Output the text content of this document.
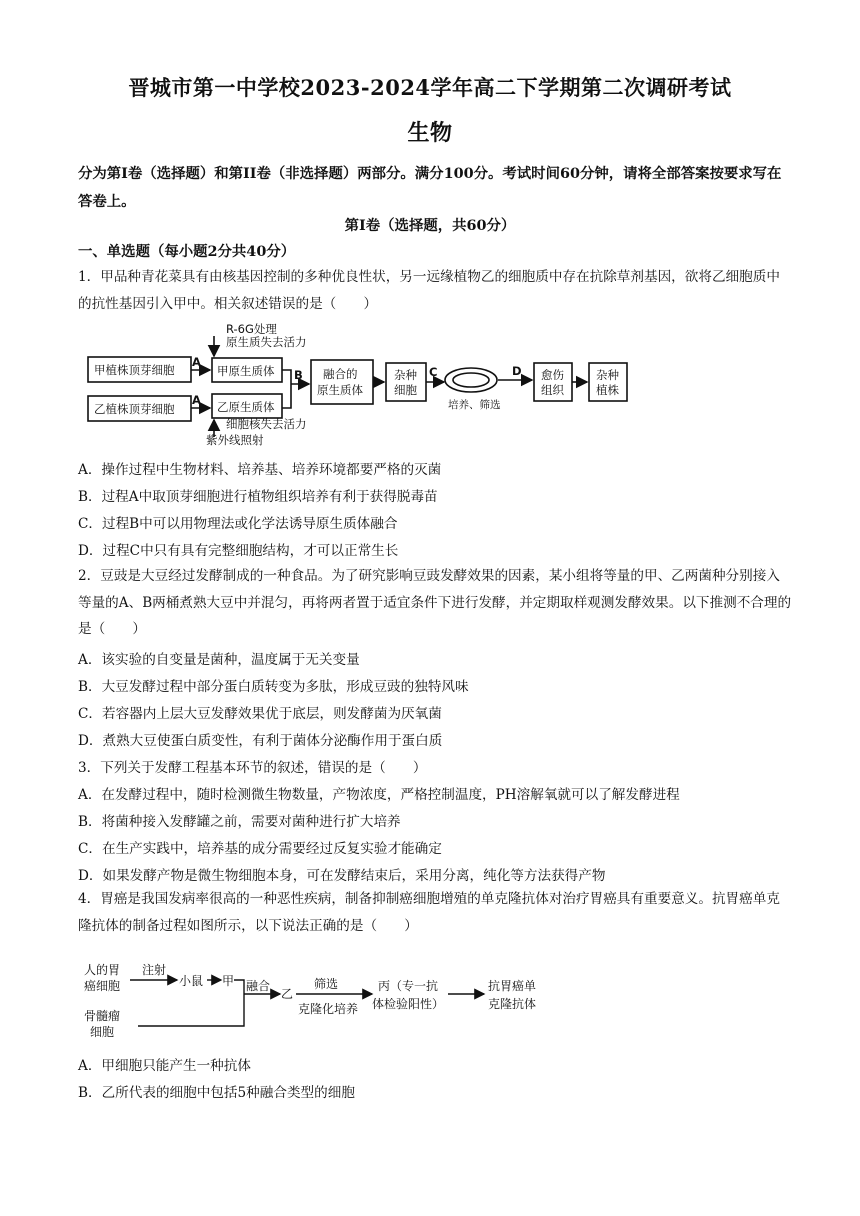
晋城市第一中学校2023-2024学年高二下学期第二次调研考试
生物
分为第I卷（选择题）和第II卷（非选择题）两部分。满分100分。考试时间60分钟，请将全部答案按要求写在答卷上。
第I卷（选择题，共60分）
一、单选题（每小题2分共40分）
1．甲品种青花菜具有由核基因控制的多种优良性状，另一远缘植物乙的细胞质中存在抗除草剂基因，欲将乙细胞质中的抗性基因引入甲中。相关叙述错误的是（　　）
R-6G处理
原生质失去活力
甲植株顶芽细胞
乙植株顶芽细胞
A
A
甲原生质体
乙原生质体
B 融合的
原生质体
杂种
细胞
C
培养、筛选
D 愈伤
组织
杂种
植株
细胞核失去活力
紫外线照射
A．操作过程中生物材料、培养基、培养环境都要严格的灭菌
B．过程A中取顶芽细胞进行植物组织培养有利于获得脱毒苗
C．过程B中可以用物理法或化学法诱导原生质体融合
D．过程C中只有具有完整细胞结构，才可以正常生长
2．豆豉是大豆经过发酵制成的一种食品。为了研究影响豆豉发酵效果的因素，某小组将等量的甲、乙两菌种分别接入等量的A、B两桶煮熟大豆中并混匀，再将两者置于适宜条件下进行发酵，并定期取样观测发酵效果。以下推测不合理的是（　　）
A．该实验的自变量是菌种，温度属于无关变量
B．大豆发酵过程中部分蛋白质转变为多肽，形成豆豉的独特风味
C．若容器内上层大豆发酵效果优于底层，则发酵菌为厌氧菌
D．煮熟大豆使蛋白质变性，有利于菌体分泌酶作用于蛋白质
3．下列关于发酵工程基本环节的叙述，错误的是（　　）
A．在发酵过程中，随时检测微生物数量，产物浓度，严格控制温度，PH溶解氧就可以了解发酵进程
B．将菌种接入发酵罐之前，需要对菌种进行扩大培养
C．在生产实践中，培养基的成分需要经过反复实验才能确定
D．如果发酵产物是微生物细胞本身，可在发酵结束后，采用分离，纯化等方法获得产物
4．胃癌是我国发病率很高的一种恶性疾病，制备抑制癌细胞增殖的单克隆抗体对治疗胃癌具有重要意义。抗胃癌单克隆抗体的制备过程如图所示，以下说法正确的是（　　）
人的胃
癌细胞
注射
小鼠 甲
骨髓瘤
细胞
融合
乙
筛选
克隆化培养
丙（专一抗
体检验阳性）
抗胃癌单
克隆抗体
A．甲细胞只能产生一种抗体
B．乙所代表的细胞中包括5种融合类型的细胞
